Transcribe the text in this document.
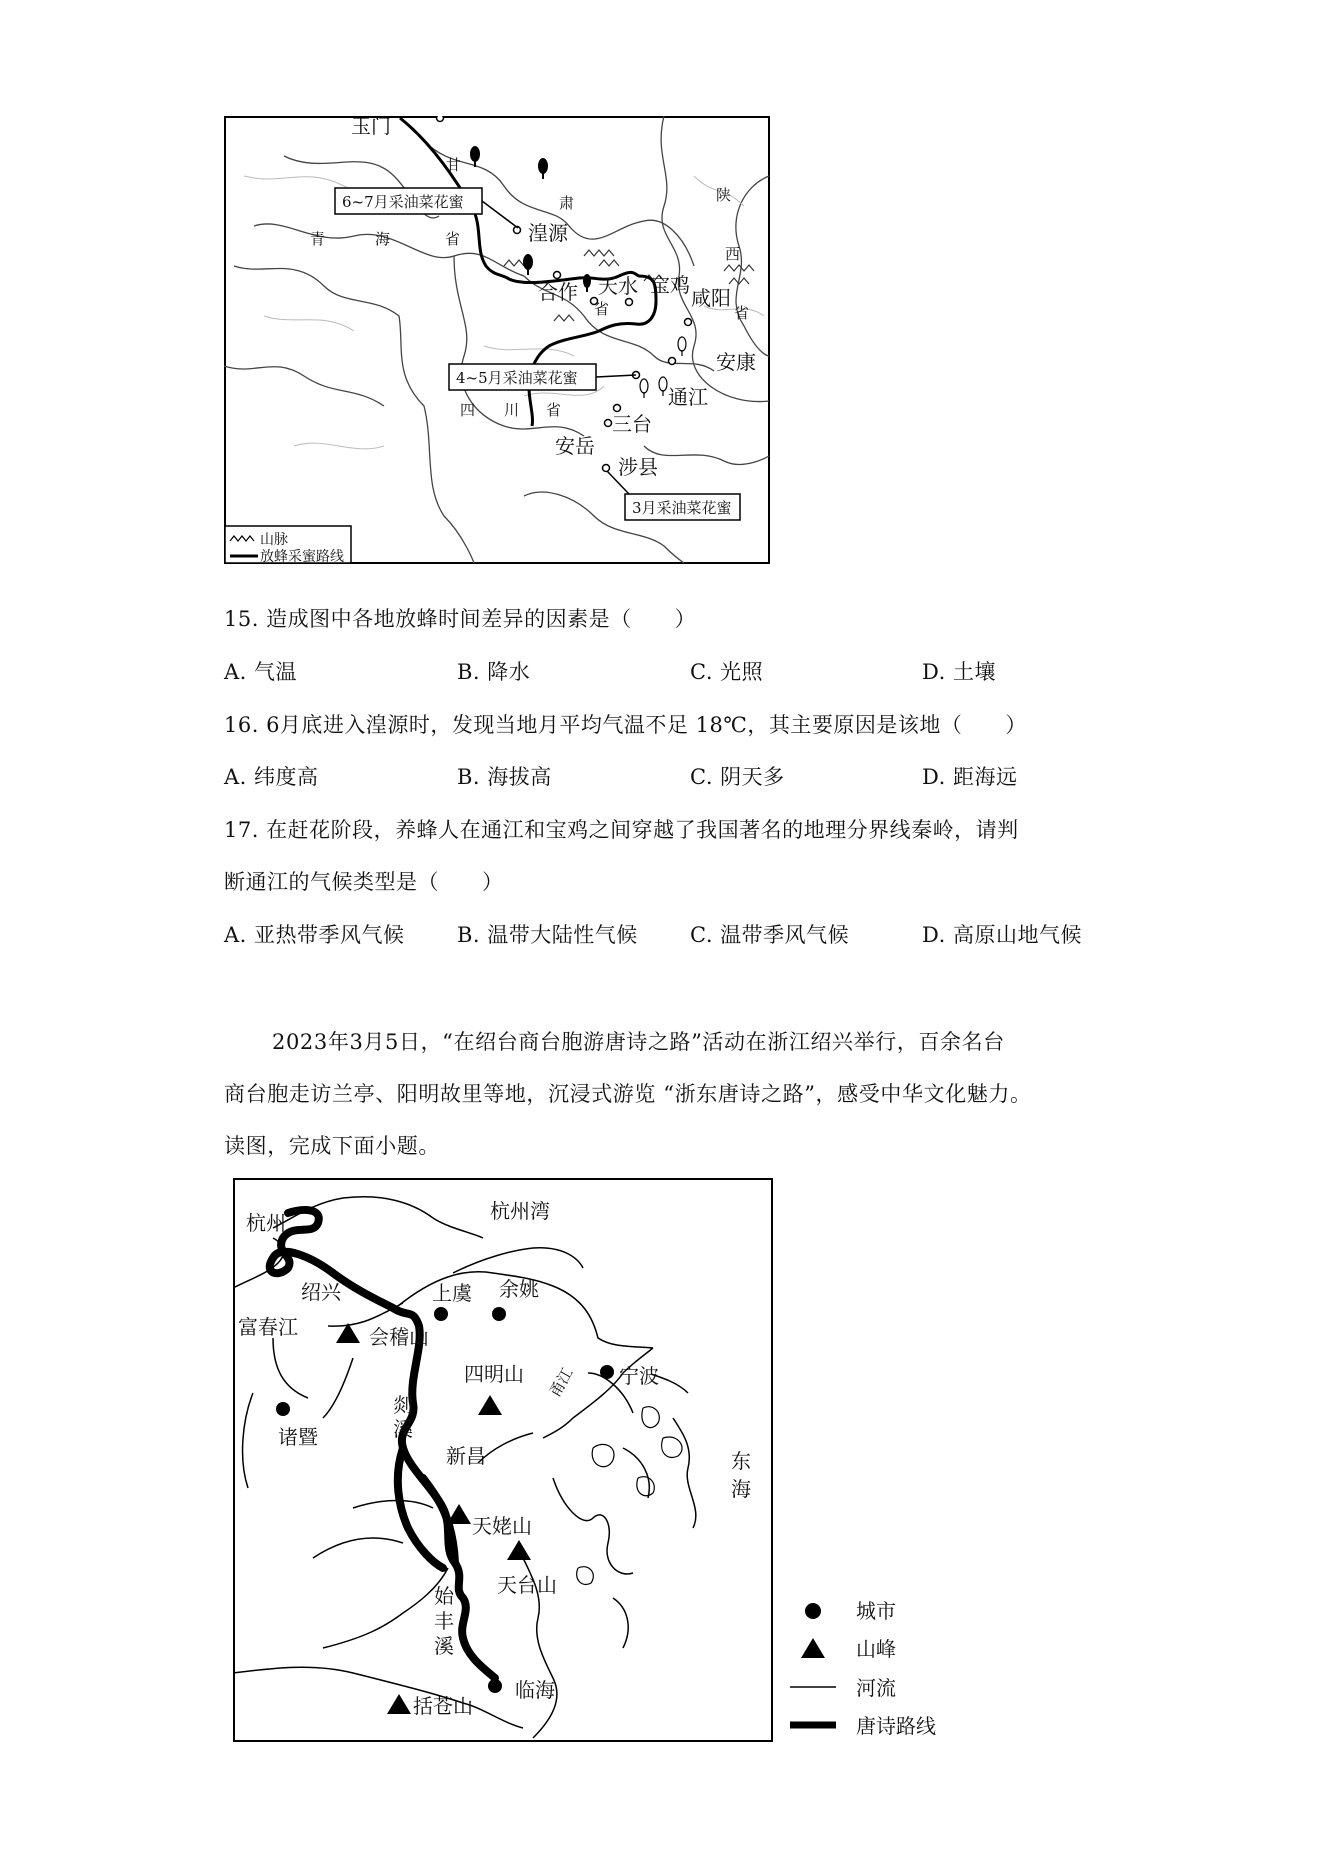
玉门
湟源
合作 天水 宝鸡
咸阳
安康
通江
三台
安岳
涉县
甘
肃
省
青	海	省
陕
西
省
四 川 省
6~7月采油菜花蜜
4~5月采油菜花蜜
3月采油菜花蜜
山脉
放蜂采蜜路线
15. 造成图中各地放蜂时间差异的因素是（　　）
A. 气温	B. 降水	C. 光照	D. 土壤
16. 6月底进入湟源时，发现当地月平均气温不足 18℃，其主要原因是该地（　　）
A. 纬度高	B. 海拔高	C. 阴天多	D. 距海远
17. 在赶花阶段，养蜂人在通江和宝鸡之间穿越了我国著名的地理分界线秦岭，请判
断通江的气候类型是（　　）
A. 亚热带季风气候 B. 温带大陆性气候 C. 温带季风气候	D. 高原山地气候
2023年3月5日，“在绍台商台胞游唐诗之路”活动在浙江绍兴举行，百余名台
商台胞走访兰亭、阳明故里等地，沉浸式游览 “浙东唐诗之路”，感受中华文化魅力。
读图，完成下面小题。
杭州	杭州湾
绍兴
富春江
上虞 余姚
会稽山
四明山 甬江 宁波
诸暨
剡
溪
新昌	东
海
天姥山
天台山
始
丰
溪
临海
括苍山
城市
山峰
河流
唐诗路线
